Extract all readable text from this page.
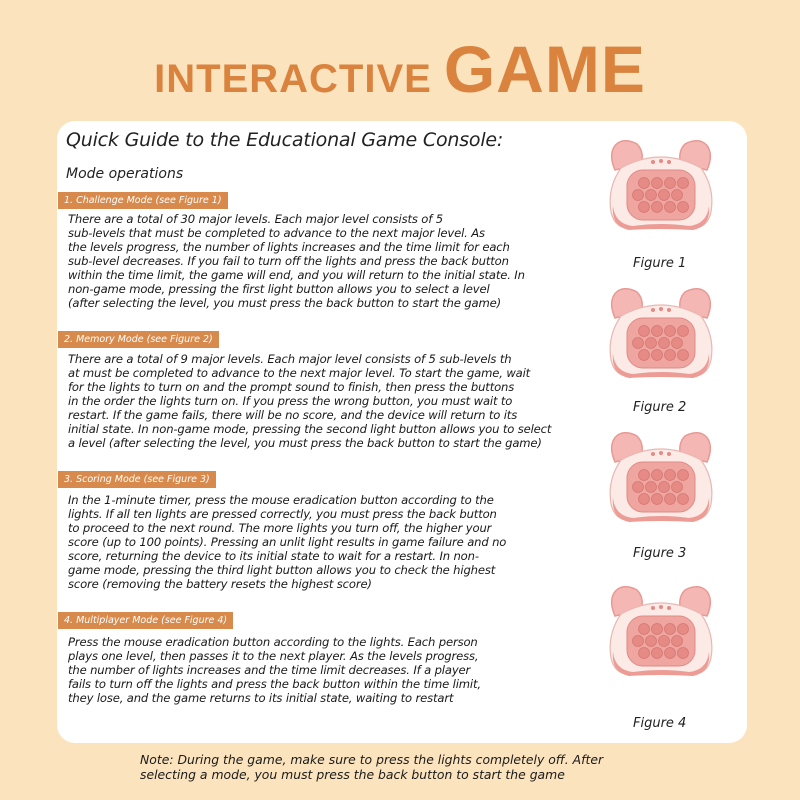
INTERACTIVE GAME
Quick Guide to the Educational Game Console:
Mode operations
1. Challenge Mode (see Figure 1)
There are a total of 30 major levels. Each major level consists of 5
sub-levels that must be completed to advance to the next major level. As
the levels progress, the number of lights increases and the time limit for each
sub-level decreases. If you fail to turn off the lights and press the back button
within the time limit, the game will end, and you will return to the initial state. In
non-game mode, pressing the first light button allows you to select a level
(after selecting the level, you must press the back button to start the game)
2. Memory Mode (see Figure 2)
There are a total of 9 major levels. Each major level consists of 5 sub-levels th
at must be completed to advance to the next major level. To start the game, wait
for the lights to turn on and the prompt sound to finish, then press the buttons
in the order the lights turn on. If you press the wrong button, you must wait to
restart. If the game fails, there will be no score, and the device will return to its
initial state. In non-game mode, pressing the second light button allows you to select
a level (after selecting the level, you must press the back button to start the game)
3. Scoring Mode (see Figure 3)
In the 1-minute timer, press the mouse eradication button according to the
lights. If all ten lights are pressed correctly, you must press the back button
to proceed to the next round. The more lights you turn off, the higher your
score (up to 100 points). Pressing an unlit light results in game failure and no
score, returning the device to its initial state to wait for a restart. In non-
game mode, pressing the third light button allows you to check the highest
score (removing the battery resets the highest score)
4. Multiplayer Mode (see Figure 4)
Press the mouse eradication button according to the lights. Each person
plays one level, then passes it to the next player. As the levels progress,
the number of lights increases and the time limit decreases. If a player
fails to turn off the lights and press the back button within the time limit,
they lose, and the game returns to its initial state, waiting to restart
Figure 1
Figure 2
Figure 3
Figure 4
Note: During the game, make sure to press the lights completely off. After
selecting a mode, you must press the back button to start the game
